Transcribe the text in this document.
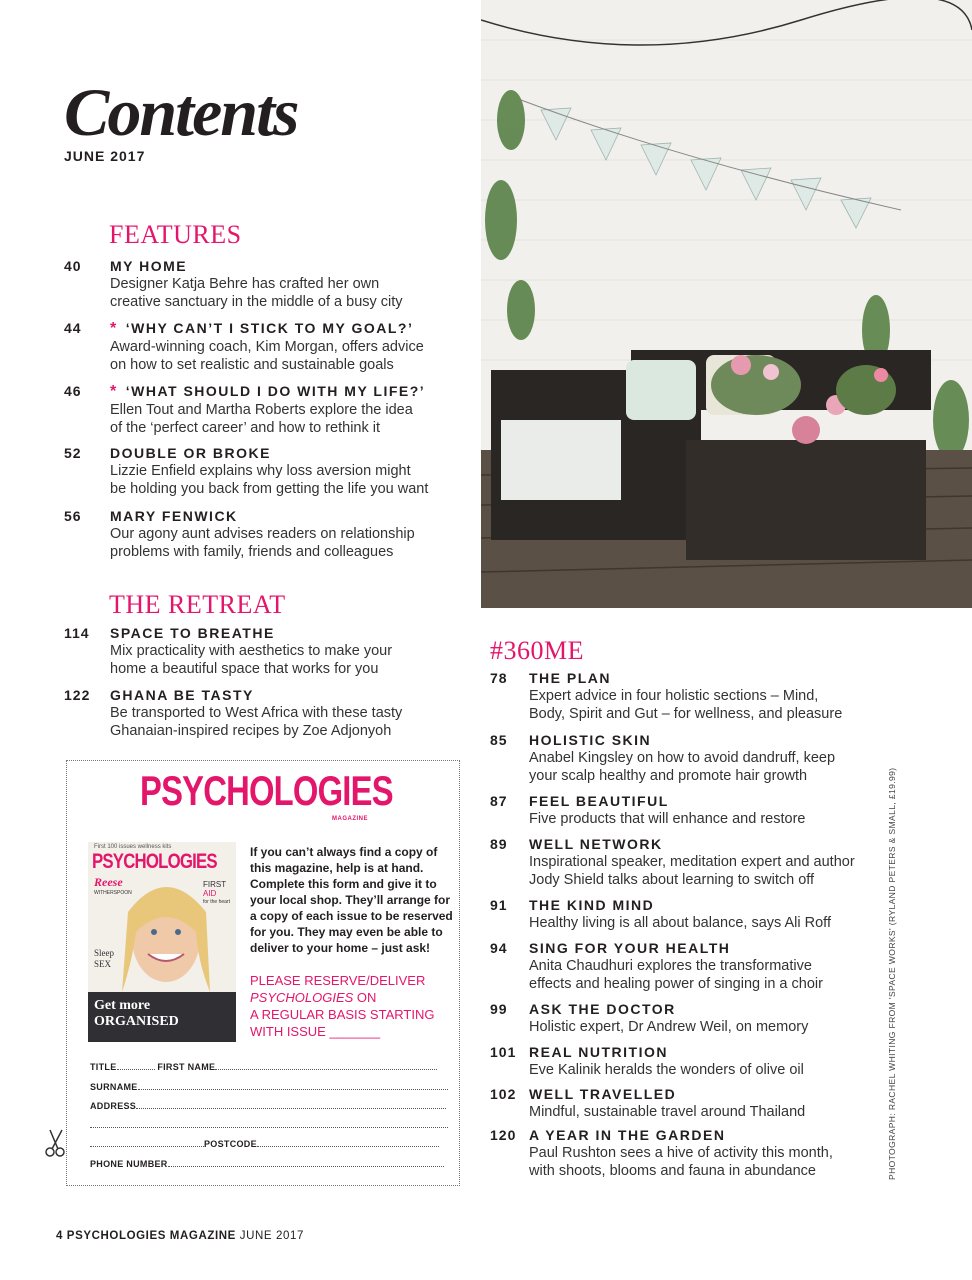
Contents
JUNE 2017
FEATURES
40 MY HOME
Designer Katja Behre has crafted her own
creative sanctuary in the middle of a busy city
44 * ‘WHY CAN’T I STICK TO MY GOAL?’
Award-winning coach, Kim Morgan, offers advice
on how to set realistic and sustainable goals
46 * ‘WHAT SHOULD I DO WITH MY LIFE?’
Ellen Tout and Martha Roberts explore the idea
of the ‘perfect career’ and how to rethink it
52 DOUBLE OR BROKE
Lizzie Enfield explains why loss aversion might
be holding you back from getting the life you want
56 MARY FENWICK
Our agony aunt advises readers on relationship
problems with family, friends and colleagues
THE RETREAT
114 SPACE TO BREATHE
Mix practicality with aesthetics to make your
home a beautiful space that works for you
122 GHANA BE TASTY
Be transported to West Africa with these tasty
Ghanaian-inspired recipes by Zoe Adjonyoh
PHOTOGRAPH: RACHEL WHITING FROM 'SPACE WORKS' (RYLAND PETERS & SMALL, £19.99)
#360ME
78 THE PLAN
Expert advice in four holistic sections – Mind,
Body, Spirit and Gut – for wellness, and pleasure
85 HOLISTIC SKIN
Anabel Kingsley on how to avoid dandruff, keep
your scalp healthy and promote hair growth
87 FEEL BEAUTIFUL
Five products that will enhance and restore
89 WELL NETWORK
Inspirational speaker, meditation expert and author
Jody Shield talks about learning to switch off
91 THE KIND MIND
Healthy living is all about balance, says Ali Roff
94 SING FOR YOUR HEALTH
Anita Chaudhuri explores the transformative
effects and healing power of singing in a choir
99 ASK THE DOCTOR
Holistic expert, Dr Andrew Weil, on memory
101 REAL NUTRITION
Eve Kalinik heralds the wonders of olive oil
102 WELL TRAVELLED
Mindful, sustainable travel around Thailand
120 A YEAR IN THE GARDEN
Paul Rushton sees a hive of activity this month,
with shoots, blooms and fauna in abundance
PSYCHOLOGIES
MAGAZINE
First 100 issues wellness kits
PSYCHOLOGIES
Reese
WITHERSPOON
FIRST
AID
for the heart
Sleep
SEX
Get more
ORGANISED
If you can’t always find a copy of this magazine, help is at hand. Complete this form and give it to your local shop. They’ll arrange for a copy of each issue to be reserved for you. They may even be able to deliver to your home – just ask!
PLEASE RESERVE/DELIVER
PSYCHOLOGIES ON
A REGULAR BASIS STARTING
WITH ISSUE _______
TITLE	FIRST NAME
SURNAME
ADDRESS
POSTCODE
PHONE NUMBER
4 PSYCHOLOGIES MAGAZINE JUNE 2017
